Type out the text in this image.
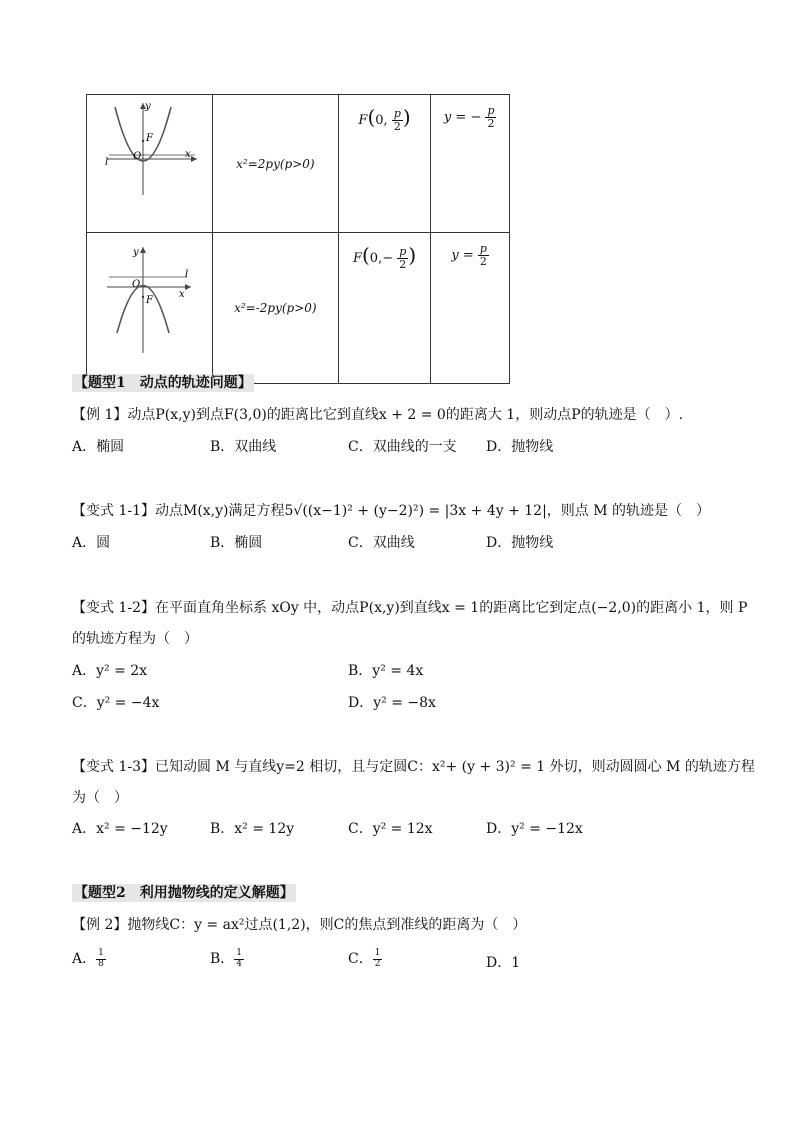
y
x
O
F
l	x²=2py(p>0)	F(0, $\frac{p}{2}$ )	y = − $\frac{p}{2}$

y
x
O
F
l	x²=-2py(p>0)	$F(0,- \frac{p}{2}$ )	$y = \frac{p}{2}$
【题型1　动点的轨迹问题】
【例 1】动点P(x,y)到点F(3,0)的距离比它到直线x + 2 = 0的距离大 1，则动点P的轨迹是（　）.
A．椭圆	B．双曲线	C．双曲线的一支 D．抛物线
【变式 1-1】动点M(x,y)满足方程5√((x−1)² + (y−2)²) = |3x + 4y + 12|，则点 M 的轨迹是（　）
A．圆	B．椭圆	C．双曲线	D．抛物线
【变式 1-2】在平面直角坐标系 xOy 中，动点P(x,y)到直线x = 1的距离比它到定点(−2,0)的距离小 1，则 P
的轨迹方程为（　）
A．y² = 2x	B．y² = 4x
C．y² = −4x	D．y² = −8x
【变式 1-3】已知动圆 M 与直线y=2 相切，且与定圆C：x²+ (y + 3)² = 1 外切，则动圆圆心 M 的轨迹方程
为（　）
A．x² = −12y	B．x² = 12y	C．y² = 12x	D．y² = −12x
【题型2　利用抛物线的定义解题】
【例 2】抛物线C：y = ax²过点(1,2)，则C的焦点到准线的距离为（　）
A． $\frac{1}{8}$	B． $\frac{1}{4}$	C． $\frac{1}{2}$	D．1
